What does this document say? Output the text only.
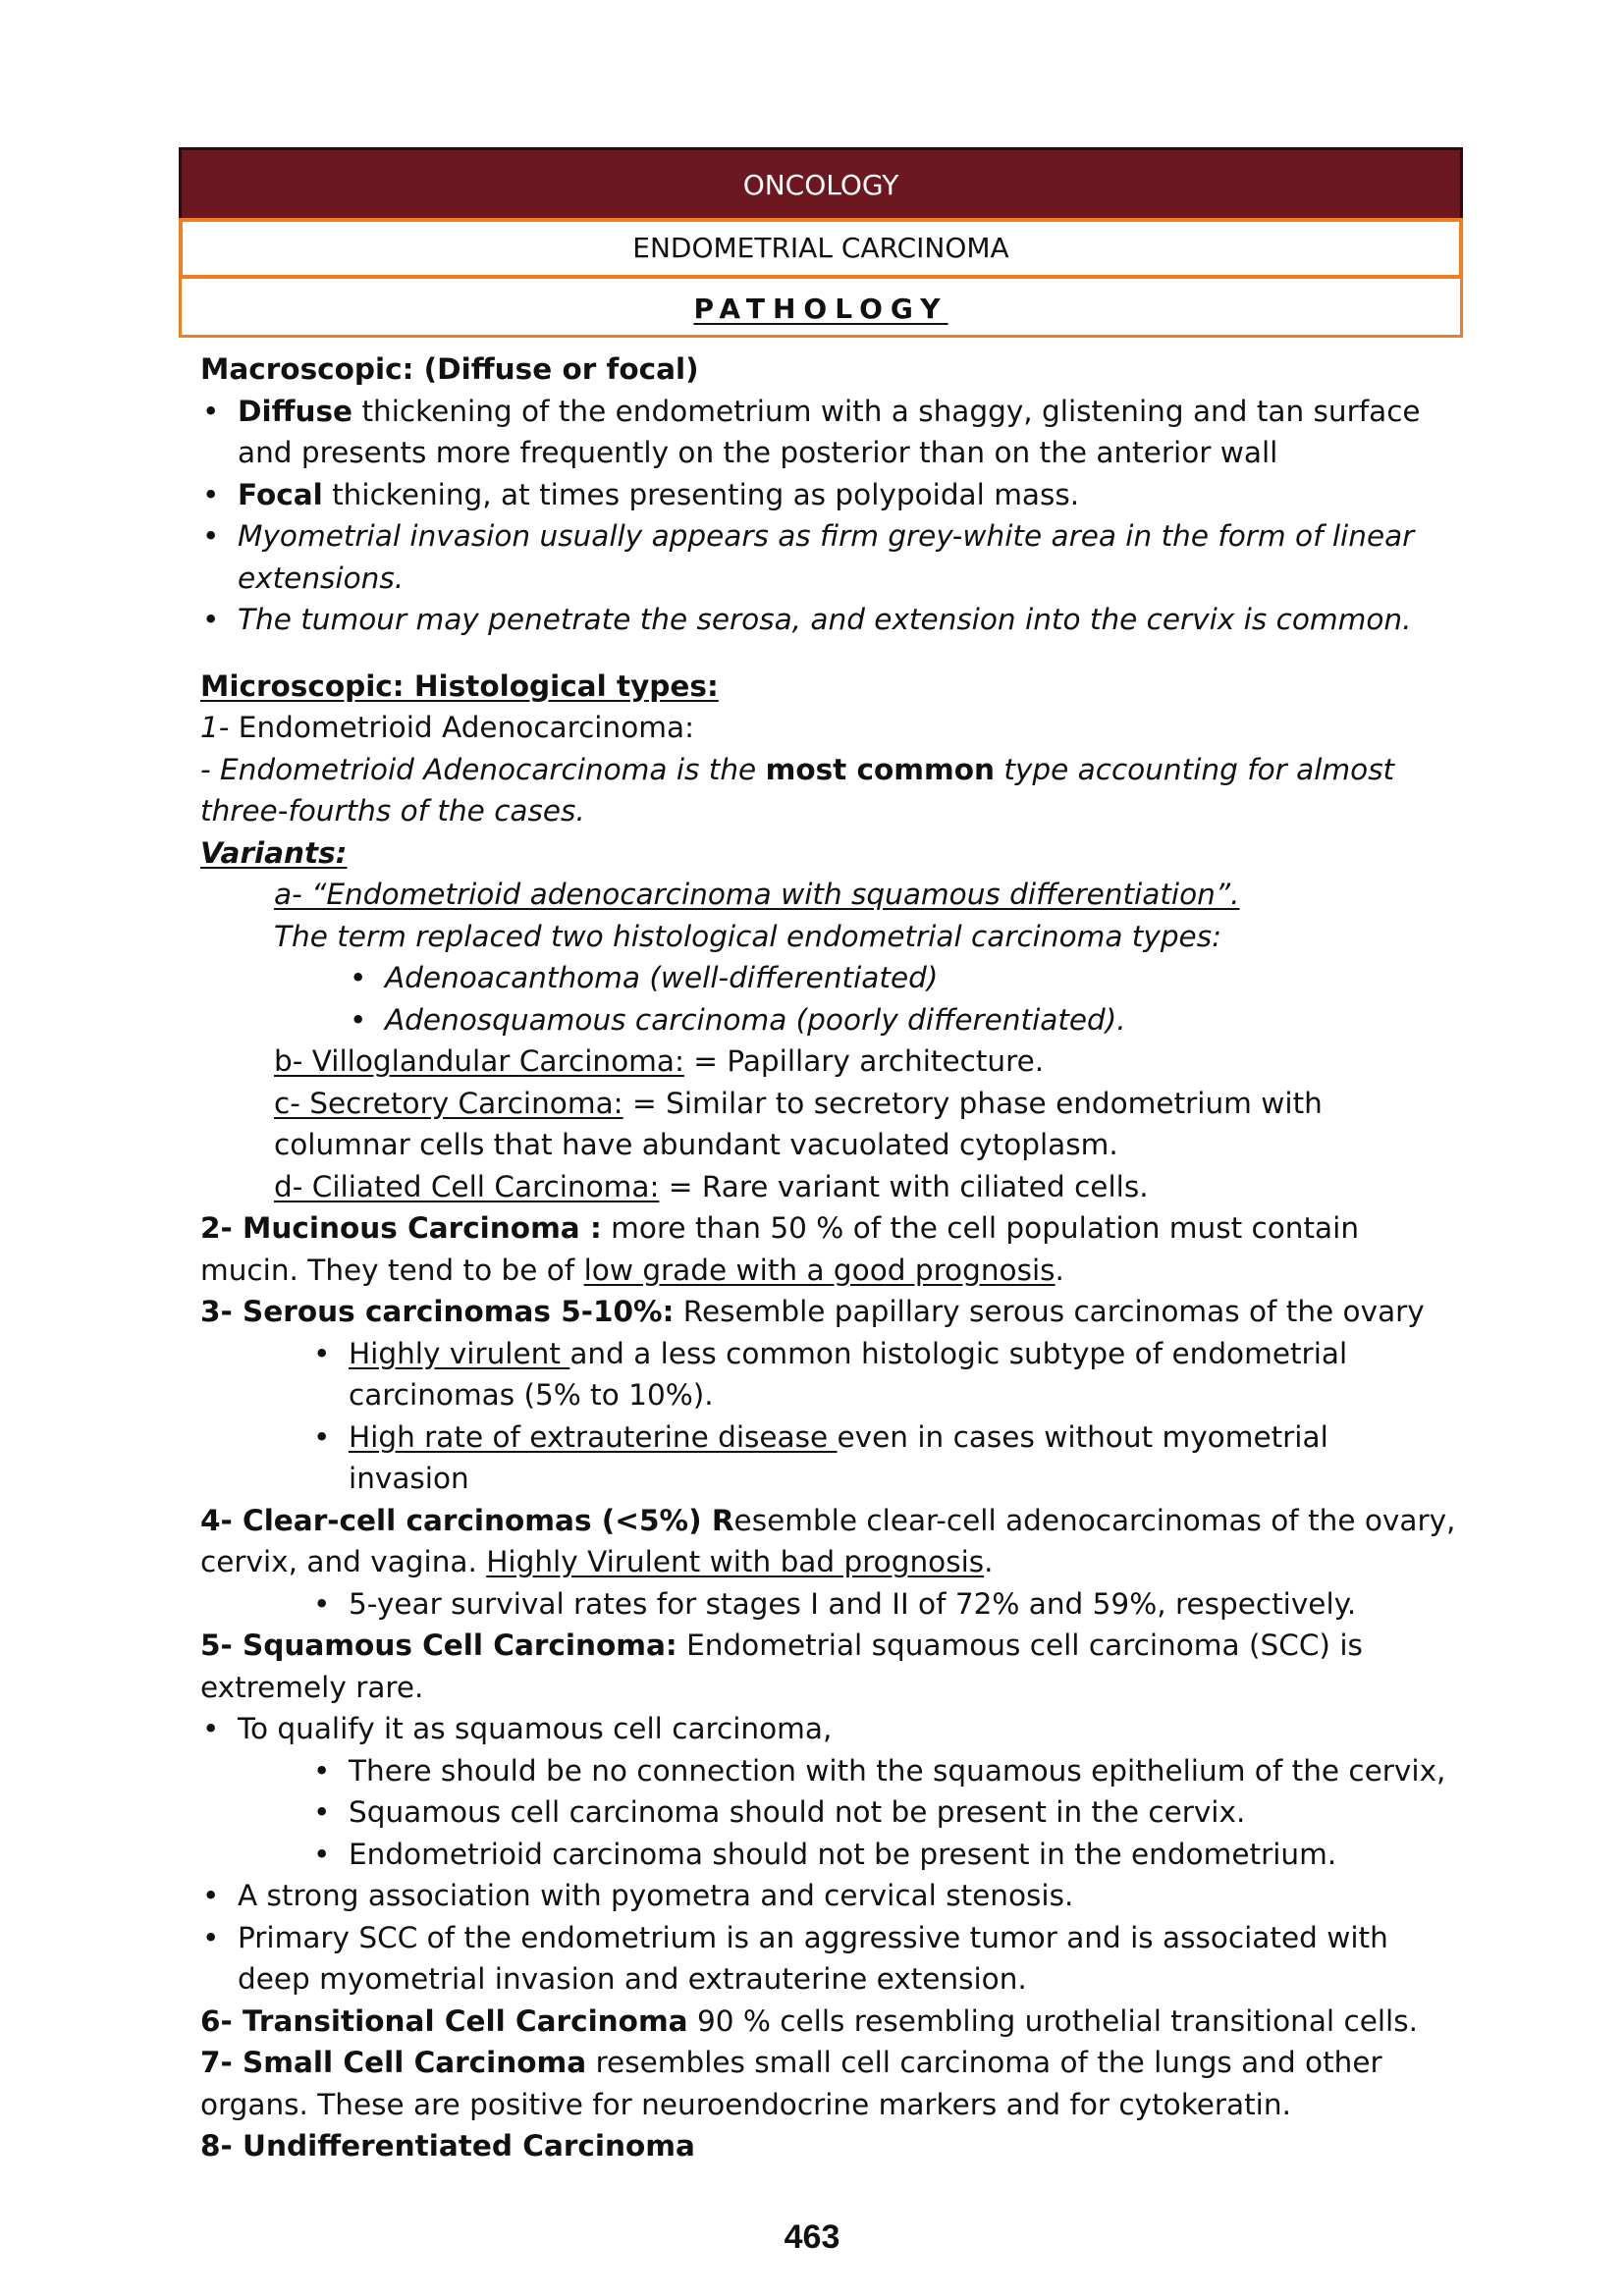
ONCOLOGY
ENDOMETRIAL CARCINOMA
PATHOLOGY

Macroscopic: (Diffuse or focal)

• Diffuse thickening of the endometrium with a shaggy, glistening and tan surface and presents more frequently on the posterior than on the anterior wall

• Focal thickening, at times presenting as polypoidal mass.

• Myometrial invasion usually appears as firm grey-white area in the form of linear extensions.

• The tumour may penetrate the serosa, and extension into the cervix is common.

Microscopic: Histological types:

1- Endometrioid Adenocarcinoma:

- Endometrioid Adenocarcinoma is the most common type accounting for almost three-fourths of the cases.

Variants:

a- “Endometrioid adenocarcinoma with squamous differentiation”.

The term replaced two histological endometrial carcinoma types:

• Adenoacanthoma (well-differentiated)

• Adenosquamous carcinoma (poorly differentiated).

b- Villoglandular Carcinoma: = Papillary architecture.

c- Secretory Carcinoma: = Similar to secretory phase endometrium with columnar cells that have abundant vacuolated cytoplasm.

d- Ciliated Cell Carcinoma: = Rare variant with ciliated cells.

2- Mucinous Carcinoma : more than 50 % of the cell population must contain mucin. They tend to be of low grade with a good prognosis.

3- Serous carcinomas 5-10%: Resemble papillary serous carcinomas of the ovary

• Highly virulent and a less common histologic subtype of endometrial carcinomas (5% to 10%).

• High rate of extrauterine disease even in cases without myometrial invasion

4- Clear-cell carcinomas (<5%) Resemble clear-cell adenocarcinomas of the ovary, cervix, and vagina. Highly Virulent with bad prognosis.

• 5-year survival rates for stages I and II of 72% and 59%, respectively.

5- Squamous Cell Carcinoma: Endometrial squamous cell carcinoma (SCC) is extremely rare.

• To qualify it as squamous cell carcinoma,

• There should be no connection with the squamous epithelium of the cervix,

• Squamous cell carcinoma should not be present in the cervix.

• Endometrioid carcinoma should not be present in the endometrium.

• A strong association with pyometra and cervical stenosis.

• Primary SCC of the endometrium is an aggressive tumor and is associated with deep myometrial invasion and extrauterine extension.

6- Transitional Cell Carcinoma 90 % cells resembling urothelial transitional cells.

7- Small Cell Carcinoma resembles small cell carcinoma of the lungs and other organs. These are positive for neuroendocrine markers and for cytokeratin.

8- Undifferentiated Carcinoma

463
